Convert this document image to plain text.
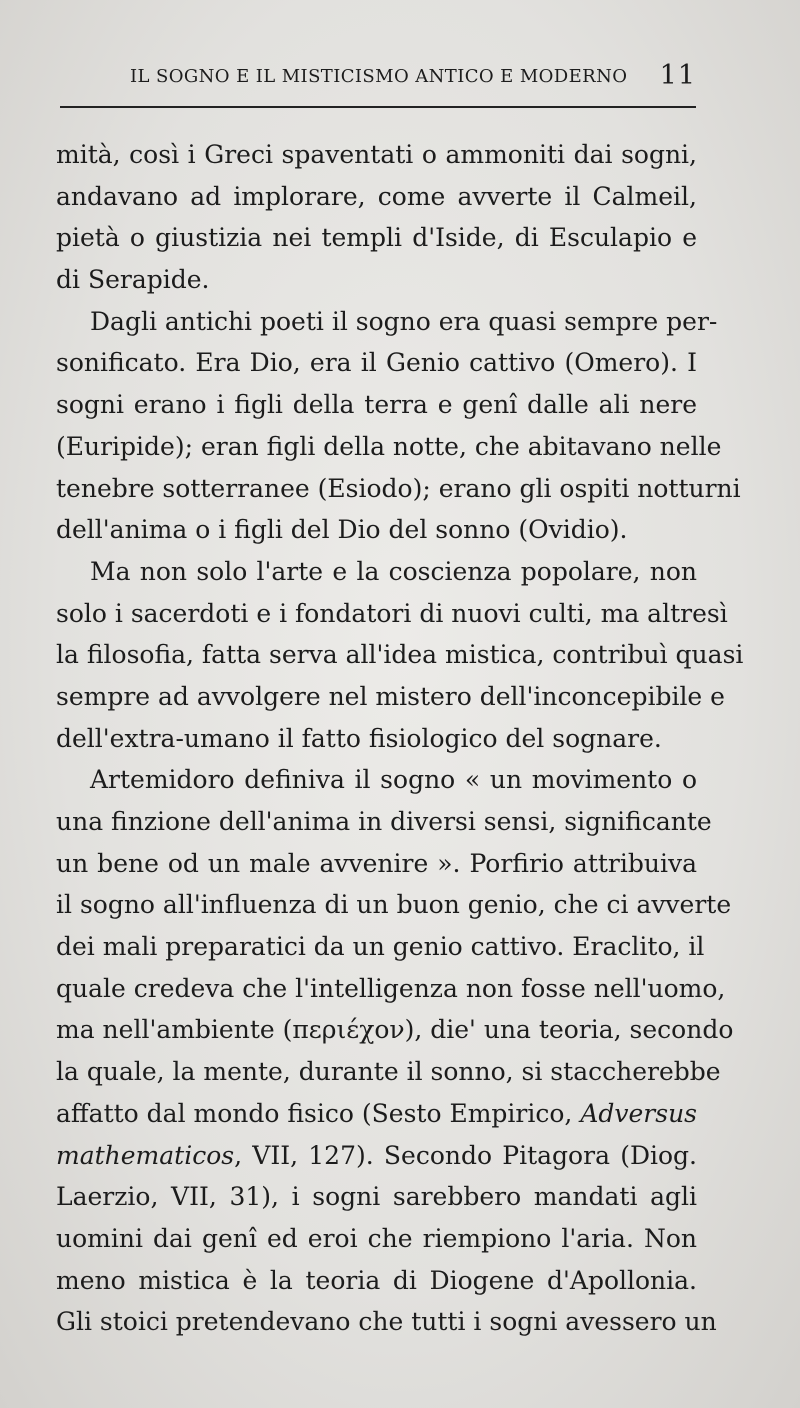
IL SOGNO E IL MISTICISMO ANTICO E MODERNO 11
mità, così i Greci spaventati o ammoniti dai sogni,
andavano ad implorare, come avverte il Calmeil,
pietà o giustizia nei templi d'Iside, di Esculapio e
di Serapide.
Dagli antichi poeti il sogno era quasi sempre per-
sonificato. Era Dio, era il Genio cattivo (Omero). I
sogni erano i figli della terra e genî dalle ali nere
(Euripide); eran figli della notte, che abitavano nelle
tenebre sotterranee (Esiodo); erano gli ospiti notturni
dell'anima o i figli del Dio del sonno (Ovidio).
Ma non solo l'arte e la coscienza popolare, non
solo i sacerdoti e i fondatori di nuovi culti, ma altresì
la filosofia, fatta serva all'idea mistica, contribuì quasi
sempre ad avvolgere nel mistero dell'inconcepibile e
dell'extra-umano il fatto fisiologico del sognare.
Artemidoro definiva il sogno « un movimento o
una finzione dell'anima in diversi sensi, significante
un bene od un male avvenire ». Porfirio attribuiva
il sogno all'influenza di un buon genio, che ci avverte
dei mali preparatici da un genio cattivo. Eraclito, il
quale credeva che l'intelligenza non fosse nell'uomo,
ma nell'ambiente (περιέχον), die' una teoria, secondo
la quale, la mente, durante il sonno, si staccherebbe
affatto dal mondo fisico (Sesto Empirico, Adversus
mathematicos, VII, 127). Secondo Pitagora (Diog.
Laerzio, VII, 31), i sogni sarebbero mandati agli
uomini dai genî ed eroi che riempiono l'aria. Non
meno mistica è la teoria di Diogene d'Apollonia.
Gli stoici pretendevano che tutti i sogni avessero un
